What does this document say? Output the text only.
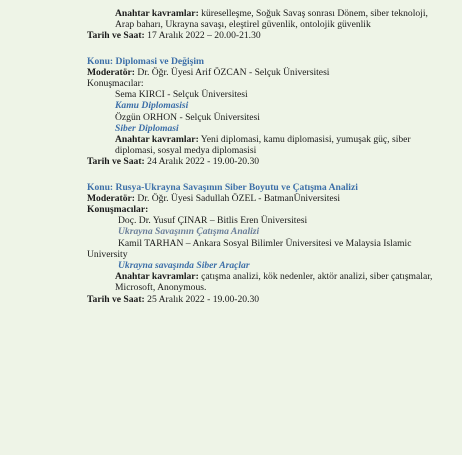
Anahtar kavramlar: küreselleşme, Soğuk Savaş sonrası Dönem, siber teknoloji, Arap baharı, Ukrayna savaşı, eleştirel güvenlik, ontolojik güvenlik

Tarih ve Saat: 17 Aralık 2022 – 20.00-21.30

Konu: Diplomasi ve Değişim

Moderatör: Dr. Öğr. Üyesi Arif ÖZCAN - Selçuk Üniversitesi

Konuşmacılar:

Sema KIRCI - Selçuk Üniversitesi

Kamu Diplomasisi

Özgün ORHON - Selçuk Üniversitesi

Siber Diplomasi

Anahtar kavramlar: Yeni diplomasi, kamu diplomasisi, yumuşak güç, siber diplomasi, sosyal medya diplomasisi

Tarih ve Saat: 24 Aralık 2022 - 19.00-20.30

Konu: Rusya-Ukrayna Savaşının Siber Boyutu ve Çatışma Analizi

Moderatör: Dr. Öğr. Üyesi Sadullah ÖZEL - BatmanÜniversitesi

Konuşmacılar:

Doç. Dr. Yusuf ÇINAR – Bitlis Eren Üniversitesi

Ukrayna Savaşının Çatışma Analizi

Kamil TARHAN – Ankara Sosyal Bilimler Üniversitesi ve Malaysia Islamic University

Ukrayna savaşında Siber Araçlar

Anahtar kavramlar: çatışma analizi, kök nedenler, aktör analizi, siber çatışmalar, Microsoft, Anonymous.

Tarih ve Saat: 25 Aralık 2022 - 19.00-20.30
